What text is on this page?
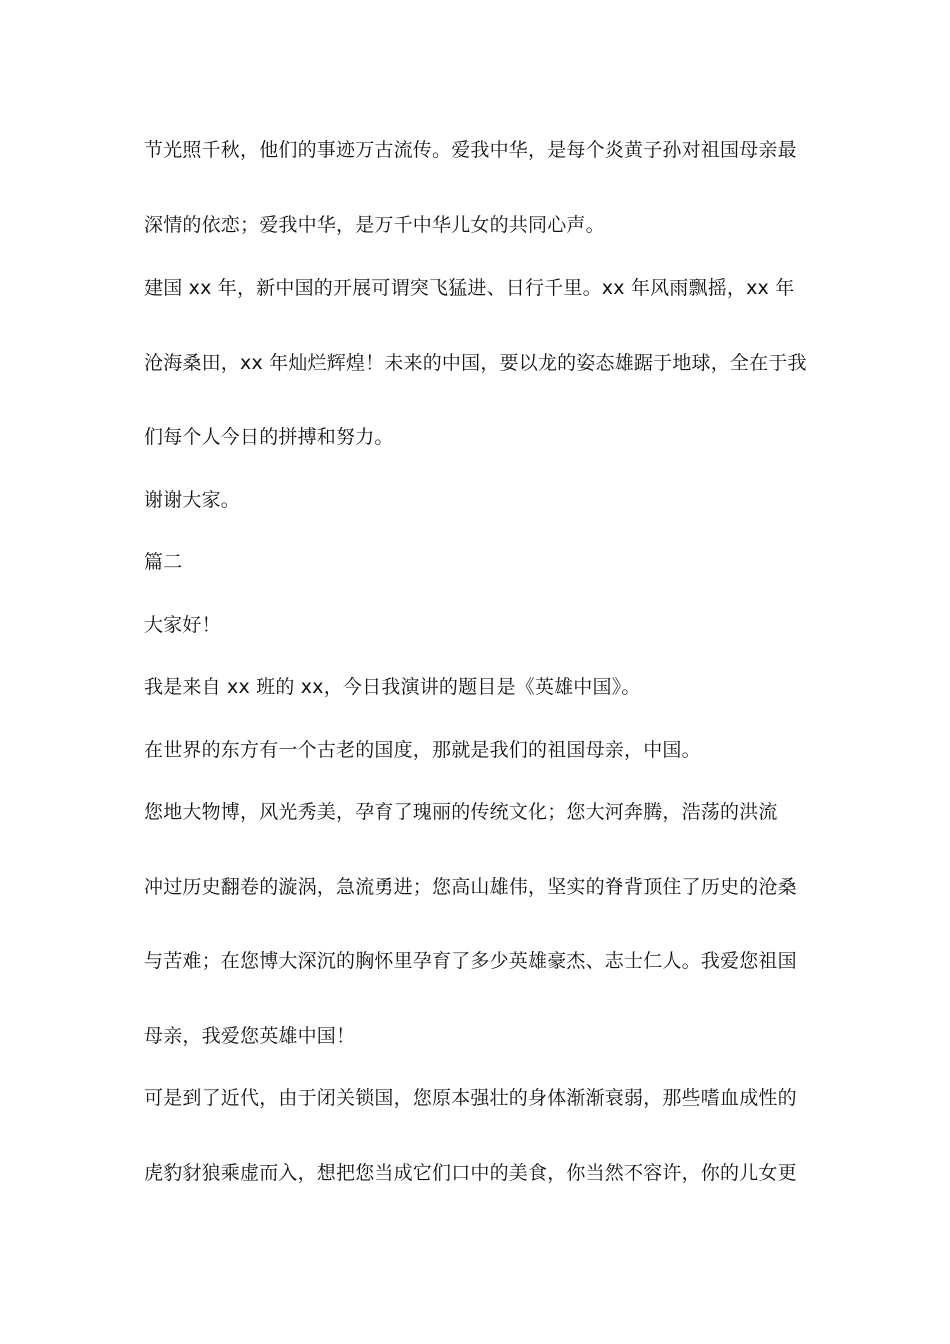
节光照千秋，他们的事迹万古流传。爱我中华，是每个炎黄子孙对祖国母亲最
深情的依恋；爱我中华，是万千中华儿女的共同心声。
建国 xx 年，新中国的开展可谓突飞猛进、日行千里。xx 年风雨飘摇，xx 年
沧海桑田，xx 年灿烂辉煌！未来的中国，要以龙的姿态雄踞于地球，全在于我
们每个人今日的拼搏和努力。
谢谢大家。
篇二
大家好！
我是来自 xx 班的 xx，今日我演讲的题目是《英雄中国》。
在世界的东方有一个古老的国度，那就是我们的祖国母亲，中国。
您地大物博，风光秀美，孕育了瑰丽的传统文化；您大河奔腾，浩荡的洪流
冲过历史翻卷的漩涡，急流勇进；您高山雄伟，坚实的脊背顶住了历史的沧桑
与苦难；在您博大深沉的胸怀里孕育了多少英雄豪杰、志士仁人。我爱您祖国
母亲，我爱您英雄中国！
可是到了近代，由于闭关锁国，您原本强壮的身体渐渐衰弱，那些嗜血成性的
虎豹豺狼乘虚而入，想把您当成它们口中的美食，你当然不容许，你的儿女更
